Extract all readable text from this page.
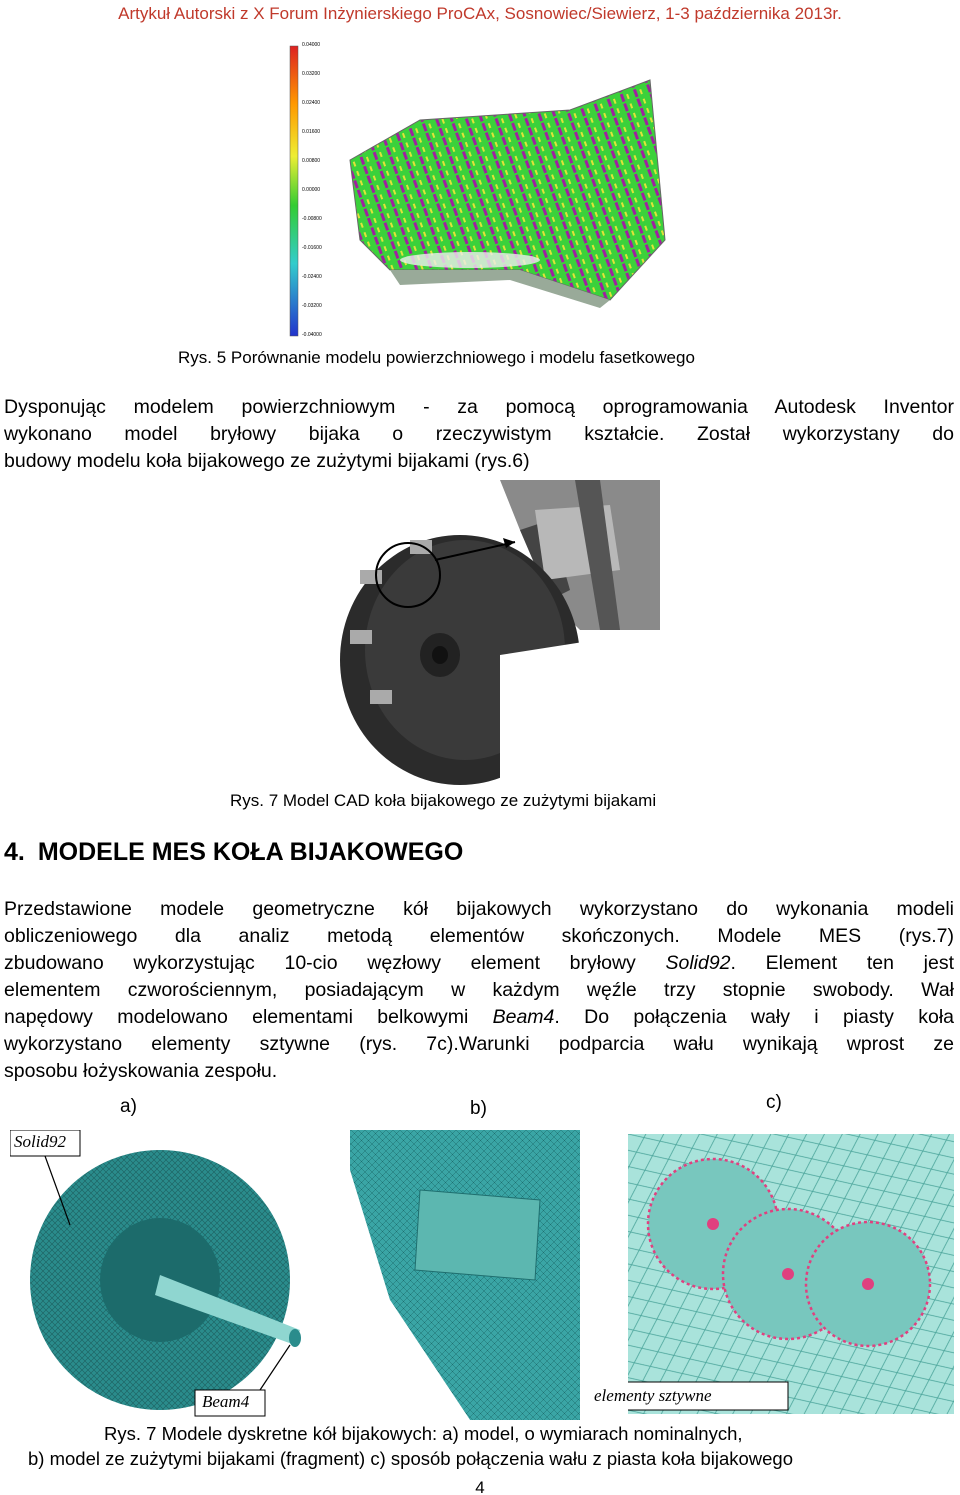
Artykuł Autorski z X Forum Inżynierskiego ProCAx, Sosnowiec/Siewierz, 1-3 października 2013r.
0.04000
0.03200
0.02400
0.01600
0.00800
0.00000
-0.00800
-0.01600
-0.02400
-0.03200
-0.04000
Rys. 5 Porównanie modelu powierzchniowego i modelu fasetkowego
Dysponując modelem powierzchniowym - za pomocą oprogramowania Autodesk Inventor
wykonano model bryłowy bijaka o rzeczywistym kształcie. Został wykorzystany do
budowy modelu koła bijakowego ze zużytymi bijakami (rys.6)
Rys. 7 Model CAD koła bijakowego ze zużytymi bijakami
4. MODELE MES KOŁA BIJAKOWEGO
Przedstawione modele geometryczne kół bijakowych wykorzystano do wykonania modeli
obliczeniowego dla analiz metodą elementów skończonych. Modele MES (rys.7)
zbudowano wykorzystując 10-cio węzłowy element bryłowy Solid92. Element ten jest
elementem czworościennym, posiadającym w każdym węźle trzy stopnie swobody. Wał
napędowy modelowano elementami belkowymi Beam4. Do połączenia wały i piasty koła
wykorzystano elementy sztywne (rys. 7c).Warunki podparcia wału wynikają wprost ze
sposobu łożyskowania zespołu.
Solid92
Beam4	elementy sztywne
a)	b)	c)
Rys. 7 Modele dyskretne kół bijakowych: a) model, o wymiarach nominalnych,
b) model ze zużytymi bijakami (fragment) c) sposób połączenia wału z piasta koła bijakowego
4
